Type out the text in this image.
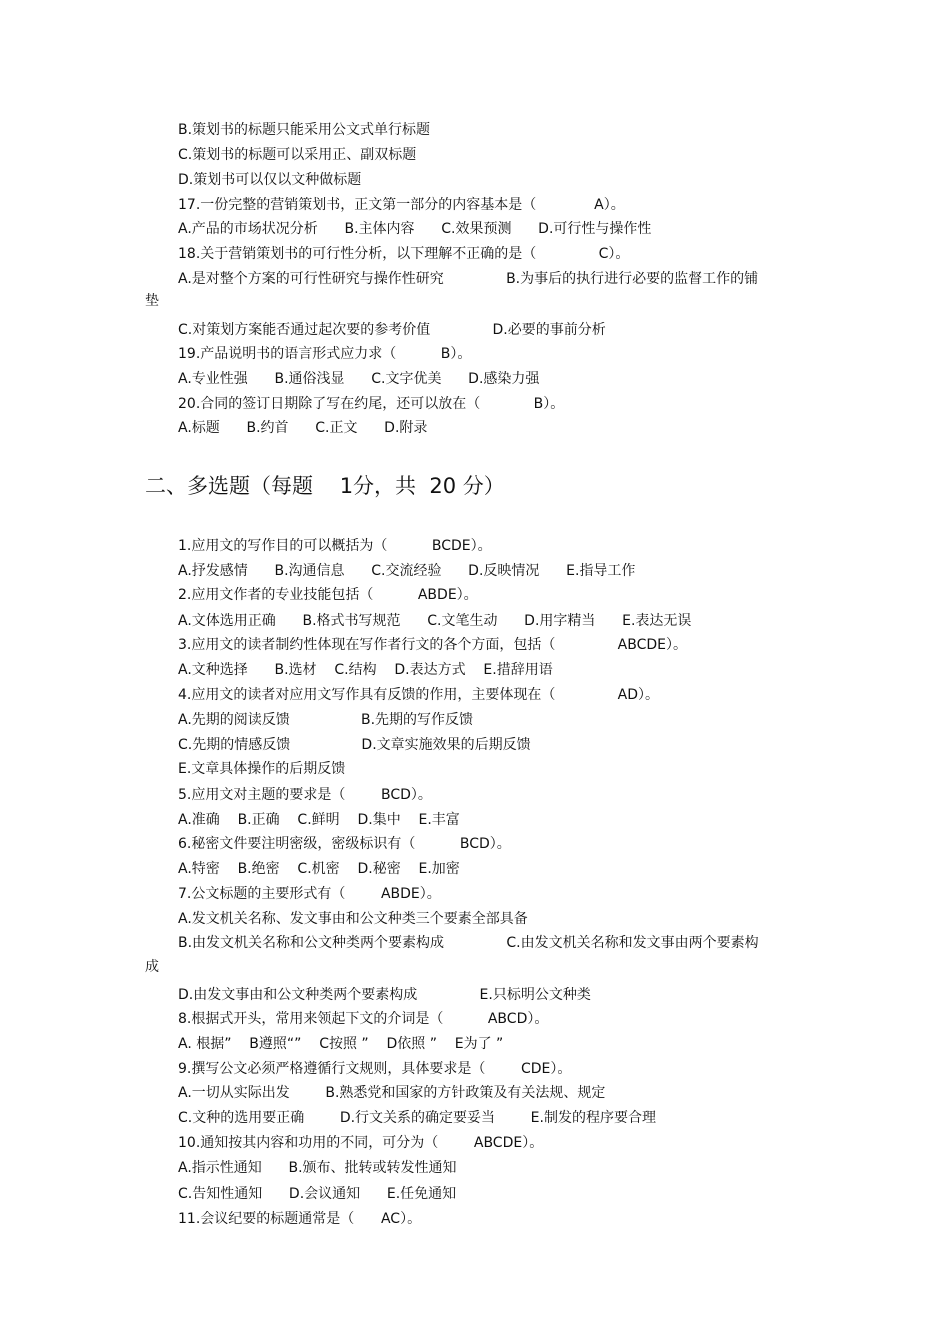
B.策划书的标题只能采用公文式单行标题
C.策划书的标题可以采用正、副双标题
D.策划书可以仅以文种做标题
17.一份完整的营销策划书，正文第一部分的内容基本是（             A）。
A.产品的市场状况分析      B.主体内容      C.效果预测      D.可行性与操作性
18.关于营销策划书的可行性分析，以下理解不正确的是（              C）。
A.是对整个方案的可行性研究与操作性研究              B.为事后的执行进行必要的监督工作的铺
垫
C.对策划方案能否通过起次要的参考价值              D.必要的事前分析
19.产品说明书的语言形式应力求（          B）。
A.专业性强      B.通俗浅显      C.文字优美      D.感染力强
20.合同的签订日期除了写在约尾，还可以放在（            B）。
A.标题      B.约首      C.正文      D.附录
二、多选题（每题    1分，共  20 分）
1.应用文的写作目的可以概括为（          BCDE）。
A.抒发感情      B.沟通信息      C.交流经验      D.反映情况      E.指导工作
2.应用文作者的专业技能包括（          ABDE）。
A.文体选用正确      B.格式书写规范      C.文笔生动      D.用字精当      E.表达无误
3.应用文的读者制约性体现在写作者行文的各个方面，包括（              ABCDE）。
A.文种选择      B.选材    C.结构    D.表达方式    E.措辞用语
4.应用文的读者对应用文写作具有反馈的作用，主要体现在（              AD）。
A.先期的阅读反馈                B.先期的写作反馈
C.先期的情感反馈                D.文章实施效果的后期反馈
E.文章具体操作的后期反馈
5.应用文对主题的要求是（        BCD）。
A.准确    B.正确    C.鲜明    D.集中    E.丰富
6.秘密文件要注明密级，密级标识有（          BCD）。
A.特密    B.绝密    C.机密    D.秘密    E.加密
7.公文标题的主要形式有（        ABDE）。
A.发文机关名称、发文事由和公文种类三个要素全部具备
B.由发文机关名称和公文种类两个要素构成              C.由发文机关名称和发文事由两个要素构
成
D.由发文事由和公文种类两个要素构成              E.只标明公文种类
8.根据式开头，常用来领起下文的介词是（          ABCD）。
A. 根据”    B遵照“”    C按照 ”    D依照 ”    E为了 ”
9.撰写公文必须严格遵循行文规则，具体要求是（        CDE）。
A.一切从实际出发        B.熟悉党和国家的方针政策及有关法规、规定
C.文种的选用要正确        D.行文关系的确定要妥当        E.制发的程序要合理
10.通知按其内容和功用的不同，可分为（        ABCDE）。
A.指示性通知      B.颁布、批转或转发性通知
C.告知性通知      D.会议通知      E.任免通知
11.会议纪要的标题通常是（      AC）。
